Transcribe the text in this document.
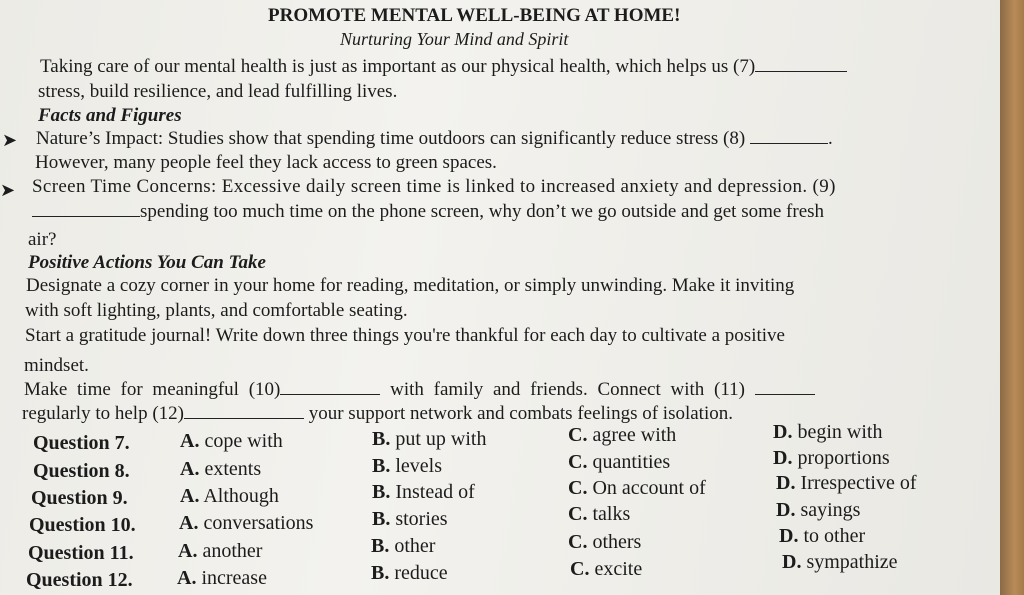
PROMOTE MENTAL WELL-BEING AT HOME!
Nurturing Your Mind and Spirit
Taking care of our mental health is just as important as our physical health, which helps us (7)
stress, build resilience, and lead fulfilling lives.
Facts and Figures
➤ Nature’s Impact: Studies show that spending time outdoors can significantly reduce stress (8)	.
However, many people feel they lack access to green spaces.
➤ Screen Time Concerns: Excessive daily screen time is linked to increased anxiety and depression. (9)
spending too much time on the phone screen, why don’t we go outside and get some fresh
air?
Positive Actions You Can Take
Designate a cozy corner in your home for reading, meditation, or simply unwinding. Make it inviting
with soft lighting, plants, and comfortable seating.
Start a gratitude journal! Write down three things you're thankful for each day to cultivate a positive
mindset.
Make time for meaningful (10)	with family and friends. Connect with (11)
regularly to help (12)	your support network and combats feelings of isolation.
Question 7.	A. cope with	B. put up with	C. agree with	D. begin with
Question 8.	A. extents	B. levels	C. quantities	D. proportions
Question 9.	A. Although	B. Instead of	C. On account of	D. Irrespective of
Question 10. A. conversations	B. stories	C. talks	D. sayings
Question 11. A. another	B. other	C. others	D. to other
Question 12. A. increase	B. reduce	C. excite	D. sympathize
